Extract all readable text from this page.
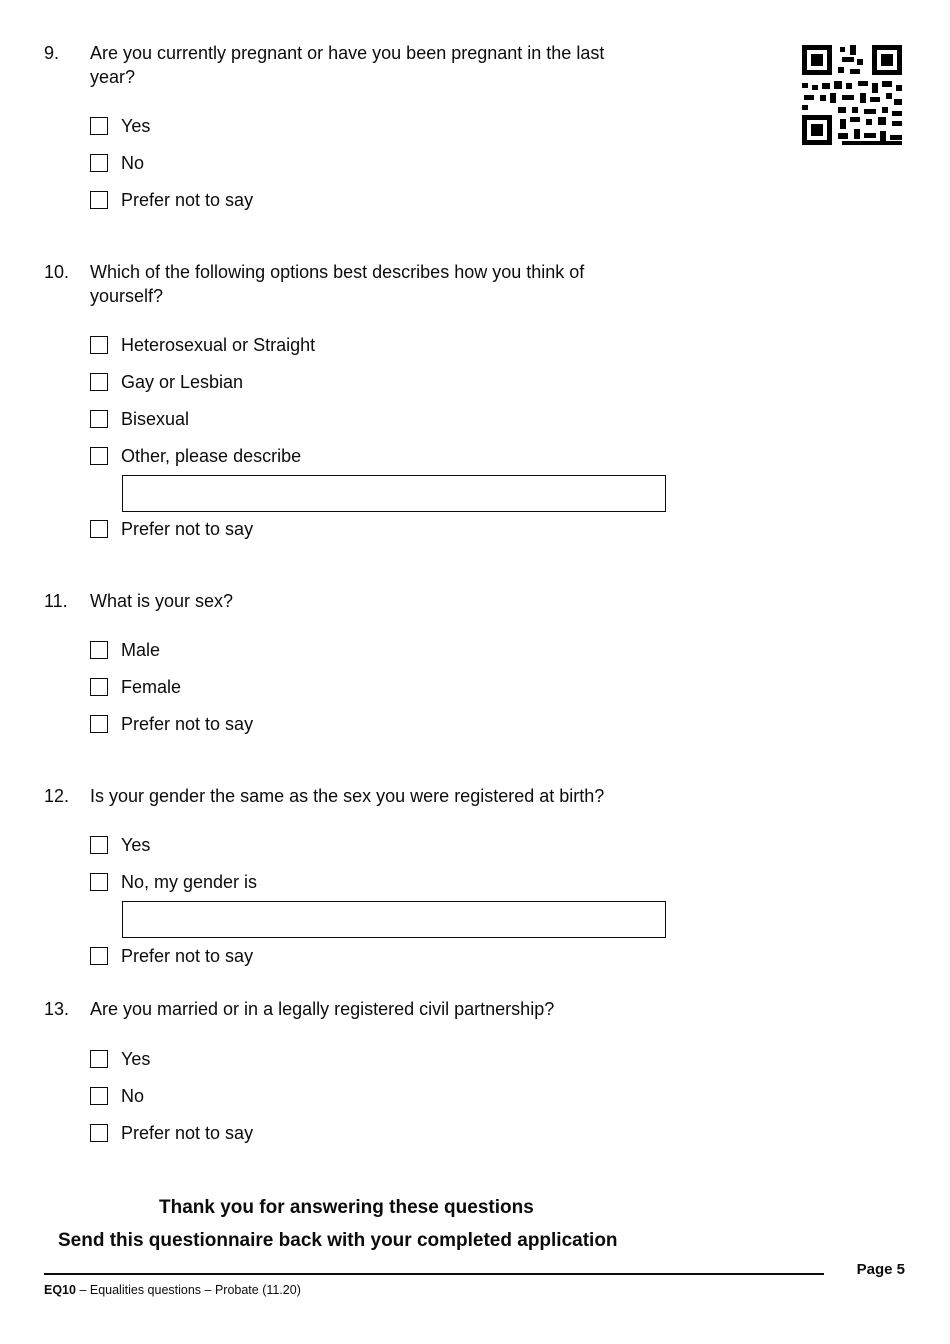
9. Are you currently pregnant or have you been pregnant in the last year?
Yes
No
Prefer not to say
10. Which of the following options best describes how you think of yourself?
Heterosexual or Straight
Gay or Lesbian
Bisexual
Other, please describe
Prefer not to say
11. What is your sex?
Male
Female
Prefer not to say
12. Is your gender the same as the sex you were registered at birth?
Yes
No, my gender is
Prefer not to say
13. Are you married or in a legally registered civil partnership?
Yes
No
Prefer not to say
Thank you for answering these questions
Send this questionnaire back with your completed application
Page 5
EQ10 – Equalities questions – Probate (11.20)
